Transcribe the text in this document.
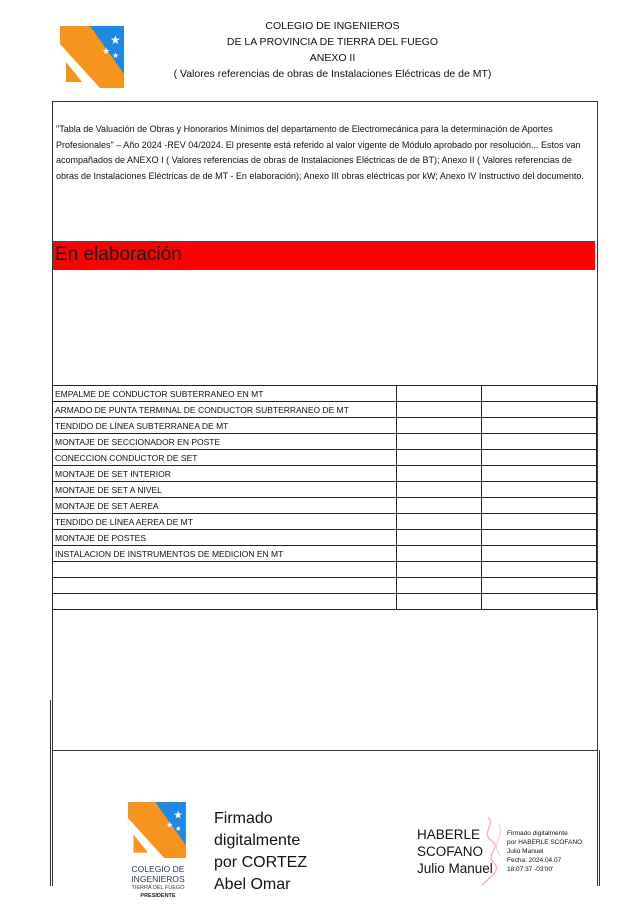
★
★ ★
COLEGIO DE INGENIEROS
DE LA PROVINCIA DE TIERRA DEL FUEGO
ANEXO II
( Valores referencias de obras de Instalaciones Eléctricas de de MT)
"Tabla de Valuación de Obras y Honorarios Mínimos del departamento de Electromecánica para la determinación de Aportes Profesionales" – Año 2024 -REV 04/2024. El presente está referido al valor vigente de Módulo aprobado por resolución... Estos van acompañados de ANEXO I ( Valores referencias de obras de Instalaciones Eléctricas de de BT); Anexo II ( Valores referencias de obras de Instalaciones Eléctricas de de MT - En elaboración); Anexo III obras eléctricas por kW; Anexo IV Instructivo del documento.
En elaboración
EMPALME DE CONDUCTOR SUBTERRANEO EN MT		
ARMADO DE PUNTA TERMINAL DE CONDUCTOR SUBTERRANEO DE MT		
TENDIDO DE LÍNEA SUBTERRANEA DE MT		
MONTAJE DE SECCIONADOR EN POSTE		
CONECCION CONDUCTOR DE SET		
MONTAJE DE SET INTERIOR		
MONTAJE DE SET A NIVEL		
MONTAJE DE SET AEREA		
TENDIDO DE LÍNEA AEREA DE MT		
MONTAJE DE POSTES		
INSTALACION DE INSTRUMENTOS DE MEDICION EN MT		

★
★ ★
COLEGIO DE
INGENIEROS
TIERRA DEL FUEGO
PRESIDENTE
Firmado
digitalmente
por CORTEZ
Abel Omar
HABERLE
SCOFANO
Julio Manuel
Firmado digitalmente
por HABERLE SCOFANO
Julio Manuel
Fecha: 2024.04.07
18:07:37 -03'00'
